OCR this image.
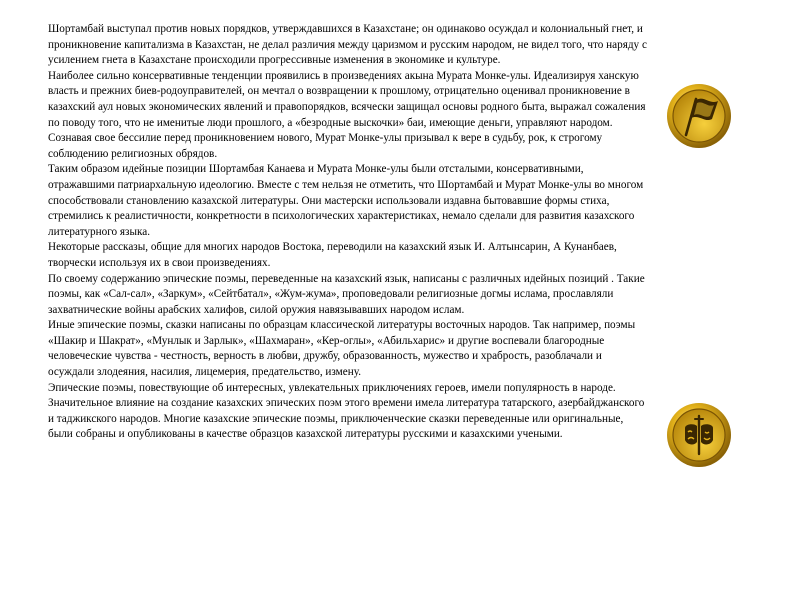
Шортамбай выступал против новых порядков, утверждавшихся в Казахстане; он одинаково осуждал и колониальный гнет, и проникновение капитализма в Казахстан, не делал различия между царизмом и русским народом, не видел того, что наряду с усилением гнета в Казахстане происходили прогрессивные изменения в экономике и культуре.

Наиболее сильно консервативные тенденции проявились в произведениях акына Мурата Монке-улы. Идеализируя ханскую власть и прежних биев-родоуправителей, он мечтал о возвращении к прошлому, отрицательно оценивал проникновение в казахский аул новых экономических явлений и правопорядков, всячески защищал основы родного быта, выражал сожаления по поводу того, что не именитые люди прошлого, а «безродные выскочки» баи, имеющие деньги, управляют народом. Сознавая свое бессилие перед проникновением нового, Мурат Монке-улы призывал к вере в судьбу, рок, к строгому соблюдению религиозных обрядов.

Таким образом идейные позиции Шортамбая Канаева и Мурата Монке-улы были отсталыми, консервативными, отражавшими патриархальную идеологию. Вместе с тем нельзя не отметить, что Шортамбай и Мурат Монке-улы во многом способствовали становлению казахской литературы. Они мастерски использовали издавна бытовавшие формы стиха, стремились к реалистичности, конкретности в психологических характеристиках, немало сделали для развития казахского литературного языка.

Некоторые рассказы, общие для многих народов Востока, переводили на казахский язык И. Алтынсарин, А Кунанбаев, творчески используя их в свои произведениях.

По своему содержанию эпические поэмы, переведенные на казахский язык, написаны с различных идейных позиций . Такие поэмы, как «Сал-сал», «Заркум», «Сейтбатал», «Жум-жума», проповедовали религиозные догмы ислама, прославляли захватнические войны арабских халифов, силой оружия навязывавших народом ислам.

Иные эпические поэмы, сказки написаны по образцам классической литературы восточных народов. Так например, поэмы «Шакир и Шакрат», «Мунлык и Зарлык», «Шахмаран», «Кер-оглы», «Абильхарис» и другие воспевали благородные человеческие чувства - честность, верность в любви, дружбу, образованность, мужество и храбрость, разоблачали и осуждали злодеяния, насилия, лицемерия, предательство, измену.

Эпические поэмы, повествующие об интересных, увлекательных приключениях героев, имели популярность в народе. Значительное влияние на создание казахских эпических поэм этого времени имела литература татарского, азербайджанского и таджикского народов. Многие казахские эпические поэмы, приключенческие сказки переведенные или оригинальные, были собраны и опубликованы в качестве образцов казахской литературы русскими и казахскими учеными.
